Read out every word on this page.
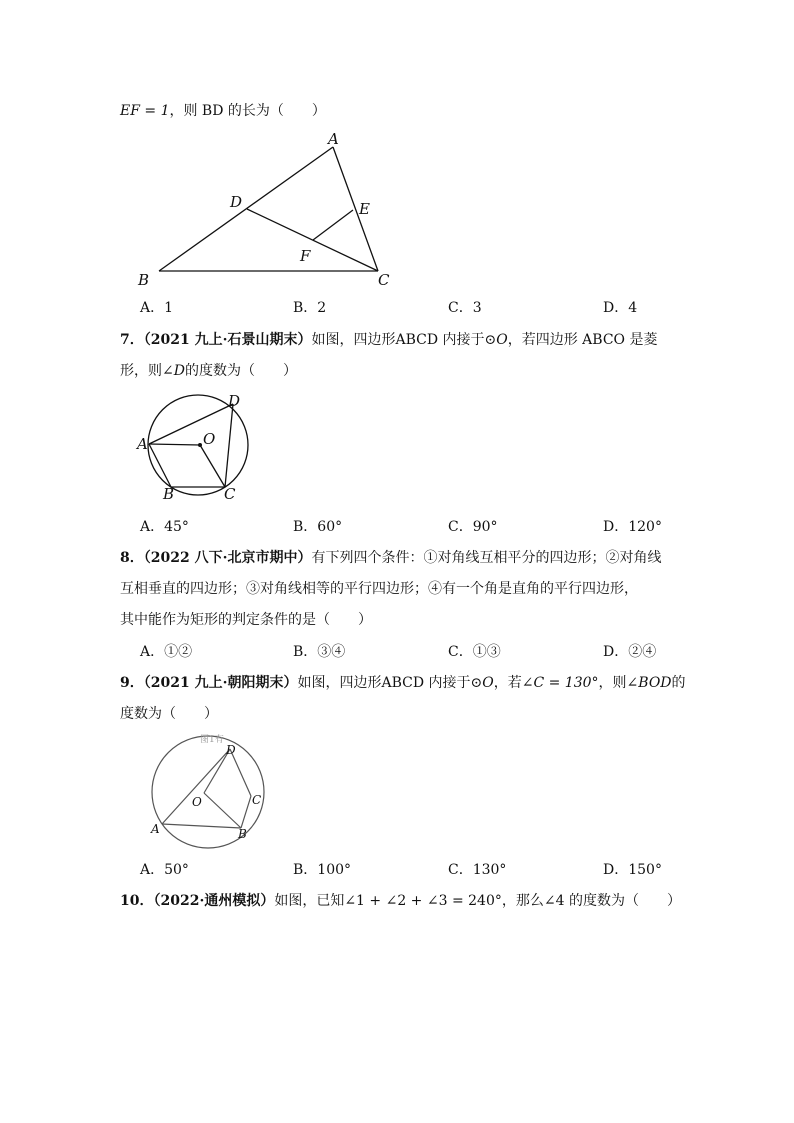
EF = 1，则 BD 的长为（　　）
A
B	C
D	E
F
A．1	B．2	C．3	D．4
7．（2021 九上·石景山期末）如图，四边形ABCD 内接于⊙O，若四边形 ABCO 是菱
形，则∠D的度数为（　　）
A
B	C
D
O
A．45°	B．60°	C．90°	D．120°
8．（2022 八下·北京市期中）有下列四个条件：①对角线互相平分的四边形；②对角线
互相垂直的四边形；③对角线相等的平行四边形；④有一个角是直角的平行四边形，
其中能作为矩形的判定条件的是（　　）
A．①②	B．③④	C．①③	D．②④
9．（2021 九上·朝阳期末）如图，四边形ABCD 内接于⊙O，若∠C = 130°，则∠BOD的
度数为（　　）
图1有
A	B
C
D
O
A．50°	B．100°	C．130°	D．150°
10．（2022·通州模拟）如图，已知∠1 + ∠2 + ∠3 = 240°，那么∠4 的度数为（　　）
